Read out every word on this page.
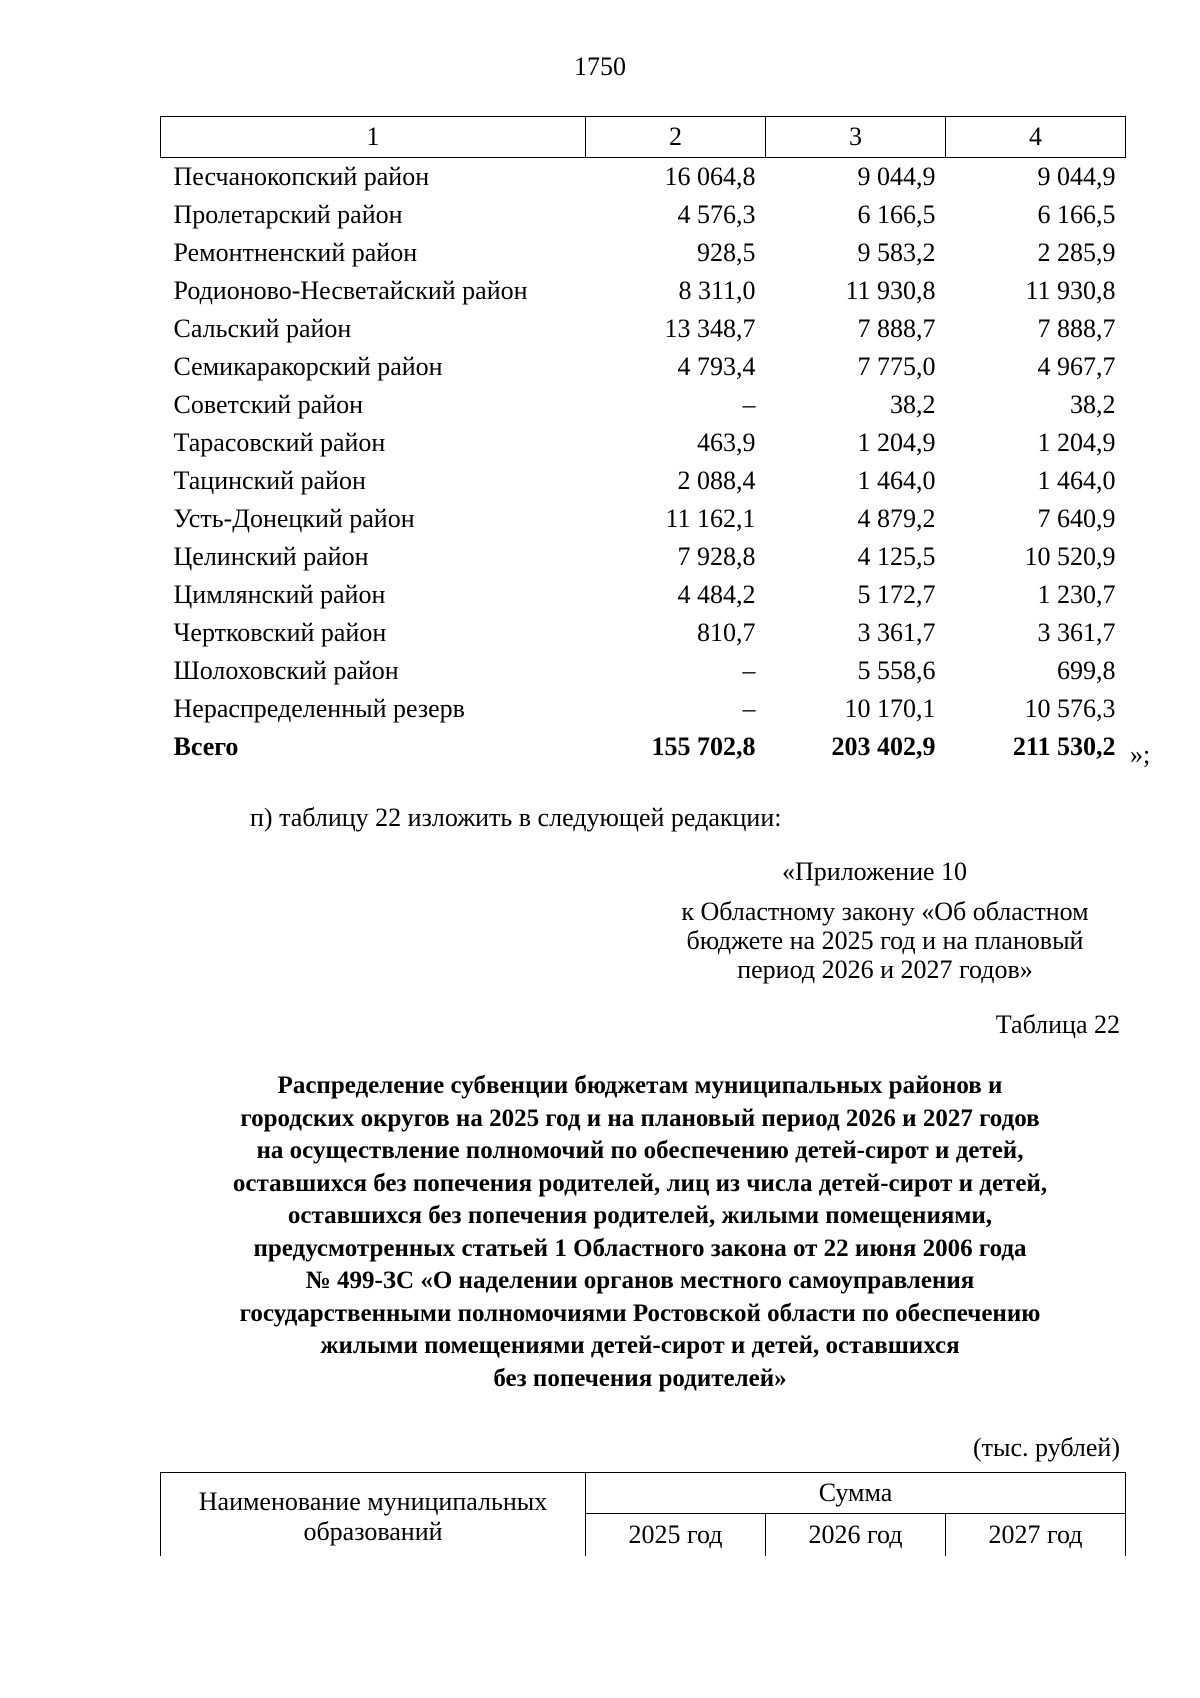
1750
1	2	3	4
Песчанокопский район	16 064,8	9 044,9	9 044,9
Пролетарский район	4 576,3	6 166,5	6 166,5
Ремонтненский район	928,5	9 583,2	2 285,9
Родионово-Несветайский район	8 311,0	11 930,8	11 930,8
Сальский район	13 348,7	7 888,7	7 888,7
Семикаракорский район	4 793,4	7 775,0	4 967,7
Советский район	–	38,2	38,2
Тарасовский район	463,9	1 204,9	1 204,9
Тацинский район	2 088,4	1 464,0	1 464,0
Усть-Донецкий район	11 162,1	4 879,2	7 640,9
Целинский район	7 928,8	4 125,5	10 520,9
Цимлянский район	4 484,2	5 172,7	1 230,7
Чертковский район	810,7	3 361,7	3 361,7
Шолоховский район	–	5 558,6	699,8
Нераспределенный резерв	–	10 170,1	10 576,3
Всего	155 702,8	203 402,9	211 530,2 »;
п) таблицу 22 изложить в следующей редакции:
«Приложение 10
к Областному закону «Об областном
бюджете на 2025 год и на плановый
период 2026 и 2027 годов»
Таблица 22
Распределение субвенции бюджетам муниципальных районов и
городских округов на 2025 год и на плановый период 2026 и 2027 годов
на осуществление полномочий по обеспечению детей-сирот и детей,
оставшихся без попечения родителей, лиц из числа детей-сирот и детей,
оставшихся без попечения родителей, жилыми помещениями,
предусмотренных статьей 1 Областного закона от 22 июня 2006 года
№ 499-ЗС «О наделении органов местного самоуправления
государственными полномочиями Ростовской области по обеспечению
жилыми помещениями детей-сирот и детей, оставшихся
без попечения родителей»
(тыс. рублей)
Наименование муниципальных
образований	Сумма		
	2025 год	2026 год	2027 год
